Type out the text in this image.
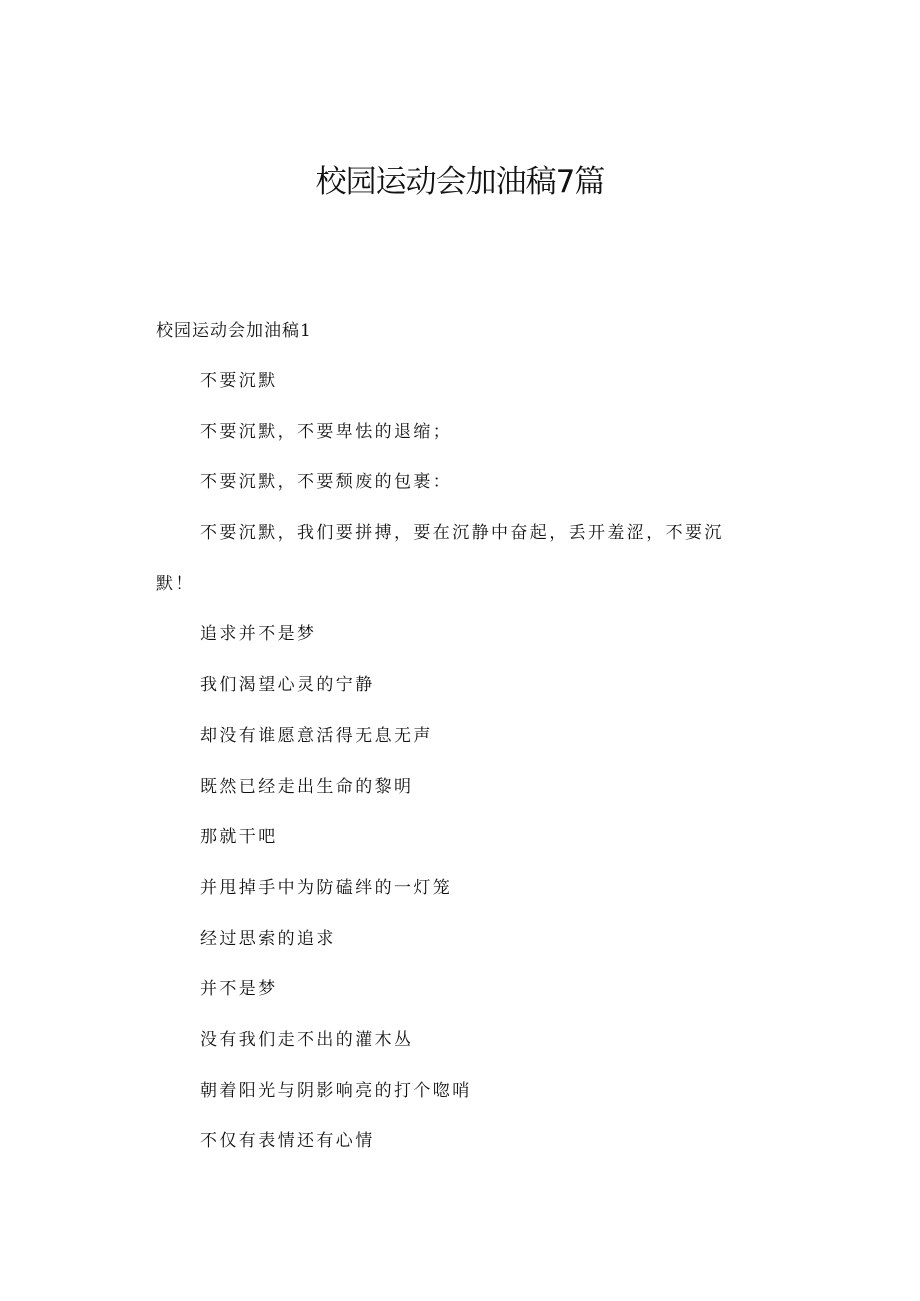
校园运动会加油稿7篇
校园运动会加油稿1
不要沉默
不要沉默，不要卑怯的退缩；
不要沉默，不要颓废的包裹：
不要沉默，我们要拼搏，要在沉静中奋起，丢开羞涩，不要沉
默！
追求并不是梦
我们渴望心灵的宁静
却没有谁愿意活得无息无声
既然已经走出生命的黎明
那就干吧
并甩掉手中为防磕绊的一灯笼
经过思索的追求
并不是梦
没有我们走不出的灌木丛
朝着阳光与阴影响亮的打个唿哨
不仅有表情还有心情
